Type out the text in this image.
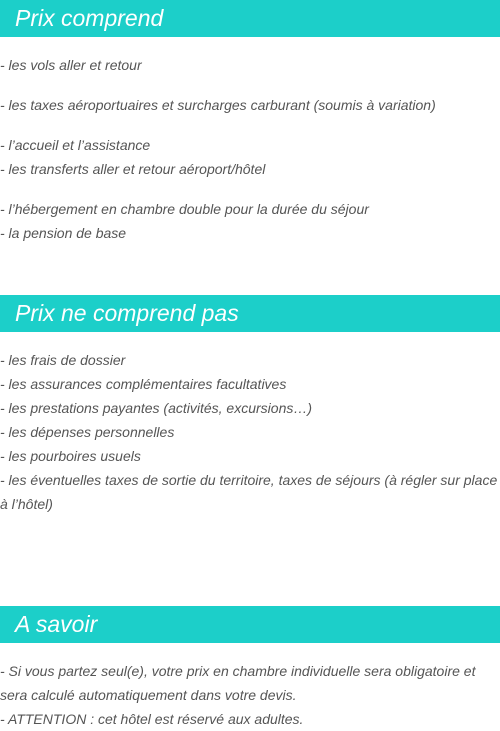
Prix comprend
- les vols aller et retour
- les taxes aéroportuaires et surcharges carburant (soumis à variation)
- l’accueil et l’assistance
- les transferts aller et retour aéroport/hôtel
- l’hébergement en chambre double pour la durée du séjour
- la pension de base
Prix ne comprend pas
- les frais de dossier
- les assurances complémentaires facultatives
- les prestations payantes (activités, excursions…)
- les dépenses personnelles
- les pourboires usuels
- les éventuelles taxes de sortie du territoire, taxes de séjours (à régler sur place à l’hôtel)
A savoir
- Si vous partez seul(e), votre prix en chambre individuelle sera obligatoire et sera calculé automatiquement dans votre devis.
- ATTENTION : cet hôtel est réservé aux adultes.
